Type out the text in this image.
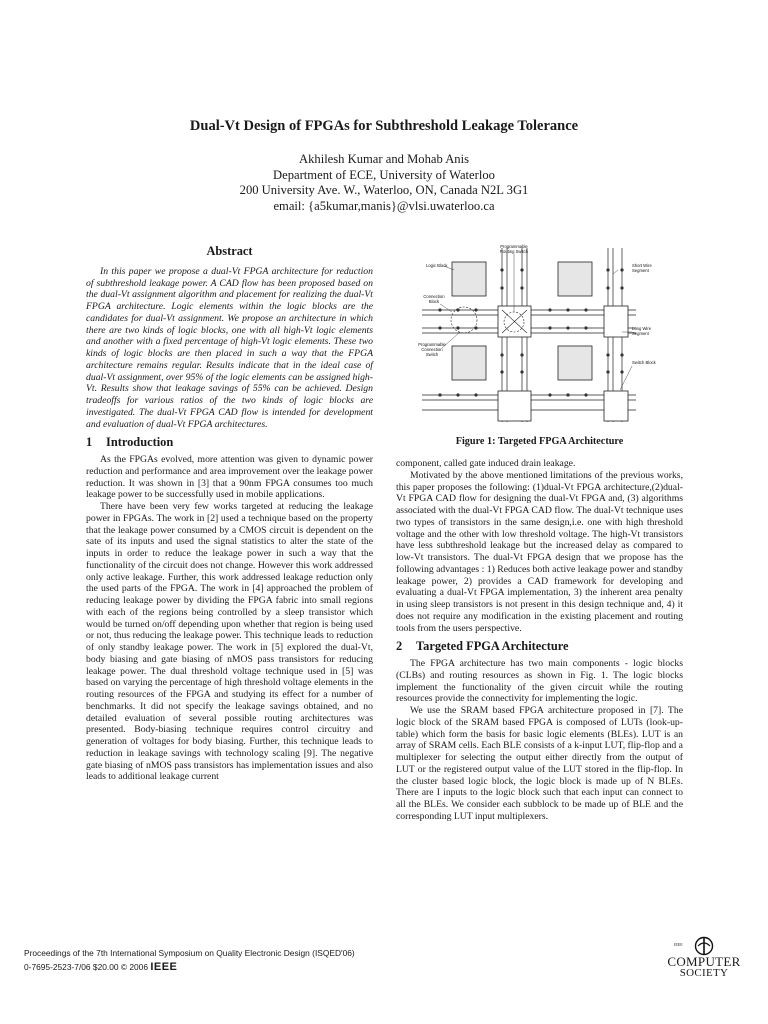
Dual-Vt Design of FPGAs for Subthreshold Leakage Tolerance
Akhilesh Kumar and Mohab Anis
Department of ECE, University of Waterloo
200 University Ave. W., Waterloo, ON, Canada N2L 3G1
email: {a5kumar,manis}@vlsi.uwaterloo.ca
Abstract

In this paper we propose a dual-Vt FPGA architecture for reduction of subthreshold leakage power. A CAD flow has been proposed based on the dual-Vt assignment algorithm and placement for realizing the dual-Vt FPGA architecture. Logic elements within the logic blocks are the candidates for dual-Vt assignment. We propose an architecture in which there are two kinds of logic blocks, one with all high-Vt logic elements and another with a fixed percentage of high-Vt logic elements. These two kinds of logic blocks are then placed in such a way that the FPGA architecture remains regular. Results indicate that in the ideal case of dual-Vt assignment, over 95% of the logic elements can be assigned high-Vt. Results show that leakage savings of 55% can be achieved. Design tradeoffs for various ratios of the two kinds of logic blocks are investigated. The dual-Vt FPGA CAD flow is intended for development and evaluation of dual-Vt FPGA architectures.

1 Introduction

As the FPGAs evolved, more attention was given to dynamic power reduction and performance and area improvement over the leakage power reduction. It was shown in [3] that a 90nm FPGA consumes too much leakage power to be successfully used in mobile applications.

There have been very few works targeted at reducing the leakage power in FPGAs. The work in [2] used a technique based on the property that the leakage power consumed by a CMOS circuit is dependent on the sate of its inputs and used the signal statistics to alter the state of the inputs in order to reduce the leakage power in such a way that the functionality of the circuit does not change. However this work addressed only active leakage. Further, this work addressed leakage reduction only the used parts of the FPGA. The work in [4] approached the problem of reducing leakage power by dividing the FPGA fabric into small regions with each of the regions being controlled by a sleep transistor which would be turned on/off depending upon whether that region is being used or not, thus reducing the leakage power. This technique leads to reduction of only standby leakage power. The work in [5] explored the dual-Vt, body biasing and gate biasing of nMOS pass transistors for reducing leakage power. The dual threshold voltage technique used in [5] was based on varying the percentage of high threshold voltage elements in the routing resources of the FPGA and studying its effect for a number of benchmarks. It did not specify the leakage savings obtained, and no detailed evaluation of several possible routing architectures was presented. Body-biasing technique requires control circuitry and generation of voltages for body biasing. Further, this technique leads to reduction in leakage savings with technology scaling [9]. The negative gate biasing of nMOS pass transistors has implementation issues and also leads to additional leakage current

Programmable
Routing Switch
Logic Block	Short Wire
Segment
Connection
Block
Long Wire
Segment
Programmable
Connection
Switch
Switch Block
Figure 1: Targeted FPGA Architecture

component, called gate induced drain leakage.

Motivated by the above mentioned limitations of the previous works, this paper proposes the following: (1)dual-Vt FPGA architecture,(2)dual-Vt FPGA CAD flow for designing the dual-Vt FPGA and, (3) algorithms associated with the dual-Vt FPGA CAD flow. The dual-Vt technique uses two types of transistors in the same design,i.e. one with high threshold voltage and the other with low threshold voltage. The high-Vt transistors have less subthreshold leakage but the increased delay as compared to low-Vt transistors. The dual-Vt FPGA design that we propose has the following advantages : 1) Reduces both active leakage power and standby leakage power, 2) provides a CAD framework for developing and evaluating a dual-Vt FPGA implementation, 3) the inherent area penalty in using sleep transistors is not present in this design technique and, 4) it does not require any modification in the existing placement and routing tools from the users perspective.

2 Targeted FPGA Architecture

The FPGA architecture has two main components - logic blocks (CLBs) and routing resources as shown in Fig. 1. The logic blocks implement the functionality of the given circuit while the routing resources provide the connectivity for implementing the logic.

We use the SRAM based FPGA architecture proposed in [7]. The logic block of the SRAM based FPGA is composed of LUTs (look-up-table) which form the basis for basic logic elements (BLEs). LUT is an array of SRAM cells. Each BLE consists of a k-input LUT, flip-flop and a multiplexer for selecting the output either directly from the output of LUT or the registered output value of the LUT stored in the flip-flop. In the cluster based logic block, the logic block is made up of N BLEs. There are I inputs to the logic block such that each input can connect to all the BLEs. We consider each subblock to be made up of BLE and the corresponding LUT input multiplexers.

Proceedings of the 7th International Symposium on Quality Electronic Design (ISQED'06)
0-7695-2523-7/06 $20.00 © 2006 IEEE
IEEE
COMPUTER
SOCIETY
